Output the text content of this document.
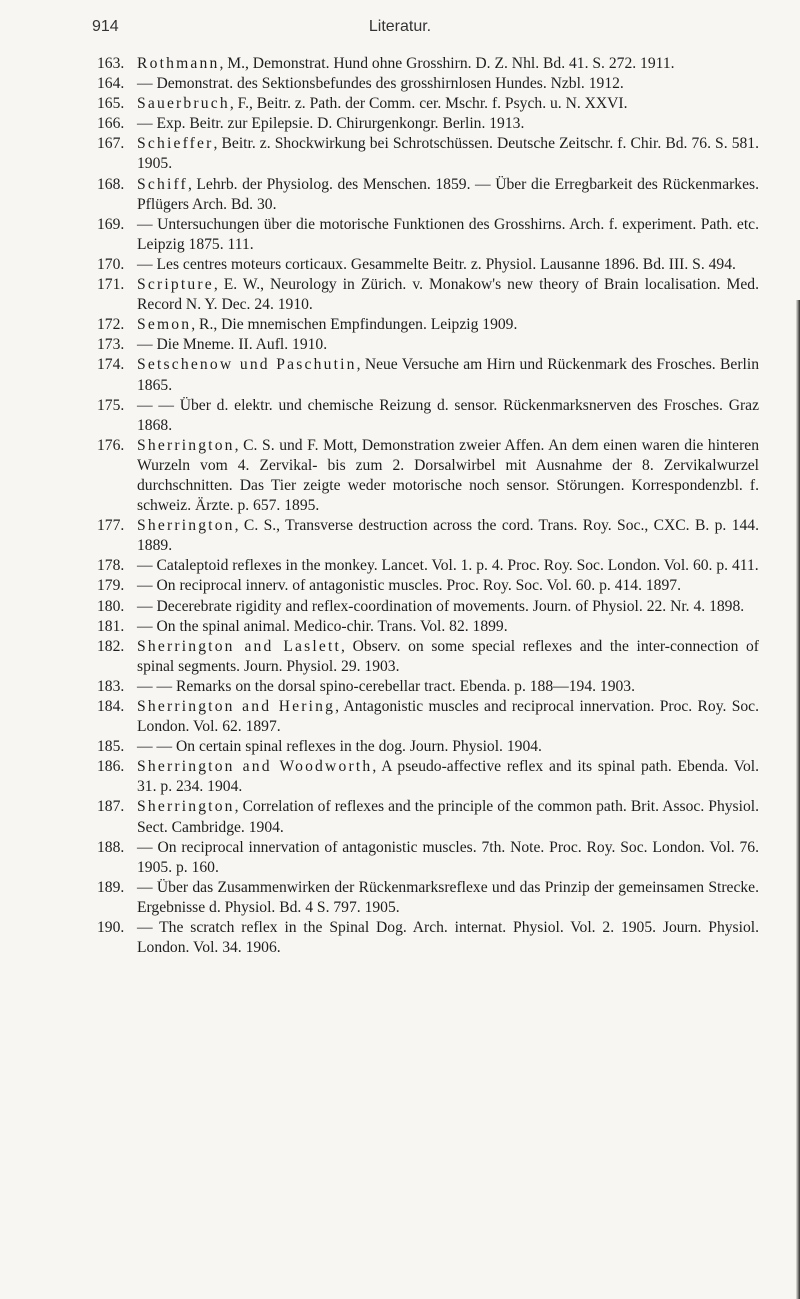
914	Literatur.

163. Rothmann, M., Demonstrat. Hund ohne Grosshirn. D. Z. Nhl. Bd. 41. S. 272. 1911.

164. — Demonstrat. des Sektionsbefundes des grosshirnlosen Hundes. Nzbl. 1912.

165. Sauerbruch, F., Beitr. z. Path. der Comm. cer. Mschr. f. Psych. u. N. XXVI.

166. — Exp. Beitr. zur Epilepsie. D. Chirurgenkongr. Berlin. 1913.

167. Schieffer, Beitr. z. Shockwirkung bei Schrotschüssen. Deutsche Zeitschr. f. Chir. Bd. 76. S. 581. 1905.

168. Schiff, Lehrb. der Physiolog. des Menschen. 1859. — Über die Erregbarkeit des Rückenmarkes. Pflügers Arch. Bd. 30.

169. — Untersuchungen über die motorische Funktionen des Grosshirns. Arch. f. experiment. Path. etc. Leipzig 1875. 111.

170. — Les centres moteurs corticaux. Gesammelte Beitr. z. Physiol. Lausanne 1896. Bd. III. S. 494.

171. Scripture, E. W., Neurology in Zürich. v. Monakow's new theory of Brain localisation. Med. Record N. Y. Dec. 24. 1910.

172. Semon, R., Die mnemischen Empfindungen. Leipzig 1909.

173. — Die Mneme. II. Aufl. 1910.

174. Setschenow und Paschutin, Neue Versuche am Hirn und Rückenmark des Frosches. Berlin 1865.

175. — — Über d. elektr. und chemische Reizung d. sensor. Rückenmarksnerven des Frosches. Graz 1868.

176. Sherrington, C. S. und F. Mott, Demonstration zweier Affen. An dem einen waren die hinteren Wurzeln vom 4. Zervikal- bis zum 2. Dorsalwirbel mit Ausnahme der 8. Zervikalwurzel durchschnitten. Das Tier zeigte weder motorische noch sensor. Störungen. Korrespondenzbl. f. schweiz. Ärzte. p. 657. 1895.

177. Sherrington, C. S., Transverse destruction across the cord. Trans. Roy. Soc., CXC. B. p. 144. 1889.

178. — Cataleptoid reflexes in the monkey. Lancet. Vol. 1. p. 4. Proc. Roy. Soc. London. Vol. 60. p. 411.

179. — On reciprocal innerv. of antagonistic muscles. Proc. Roy. Soc. Vol. 60. p. 414. 1897.

180. — Decerebrate rigidity and reflex-coordination of movements. Journ. of Physiol. 22. Nr. 4. 1898.

181. — On the spinal animal. Medico-chir. Trans. Vol. 82. 1899.

182. Sherrington and Laslett, Observ. on some special reflexes and the inter-connection of spinal segments. Journ. Physiol. 29. 1903.

183. — — Remarks on the dorsal spino-cerebellar tract. Ebenda. p. 188—194. 1903.

184. Sherrington and Hering, Antagonistic muscles and reciprocal innervation. Proc. Roy. Soc. London. Vol. 62. 1897.

185. — — On certain spinal reflexes in the dog. Journ. Physiol. 1904.

186. Sherrington and Woodworth, A pseudo-affective reflex and its spinal path. Ebenda. Vol. 31. p. 234. 1904.

187. Sherrington, Correlation of reflexes and the principle of the common path. Brit. Assoc. Physiol. Sect. Cambridge. 1904.

188. — On reciprocal innervation of antagonistic muscles. 7th. Note. Proc. Roy. Soc. London. Vol. 76. 1905. p. 160.

189. — Über das Zusammenwirken der Rückenmarksreflexe und das Prinzip der gemeinsamen Strecke. Ergebnisse d. Physiol. Bd. 4 S. 797. 1905.

190. — The scratch reflex in the Spinal Dog. Arch. internat. Physiol. Vol. 2. 1905. Journ. Physiol. London. Vol. 34. 1906.
